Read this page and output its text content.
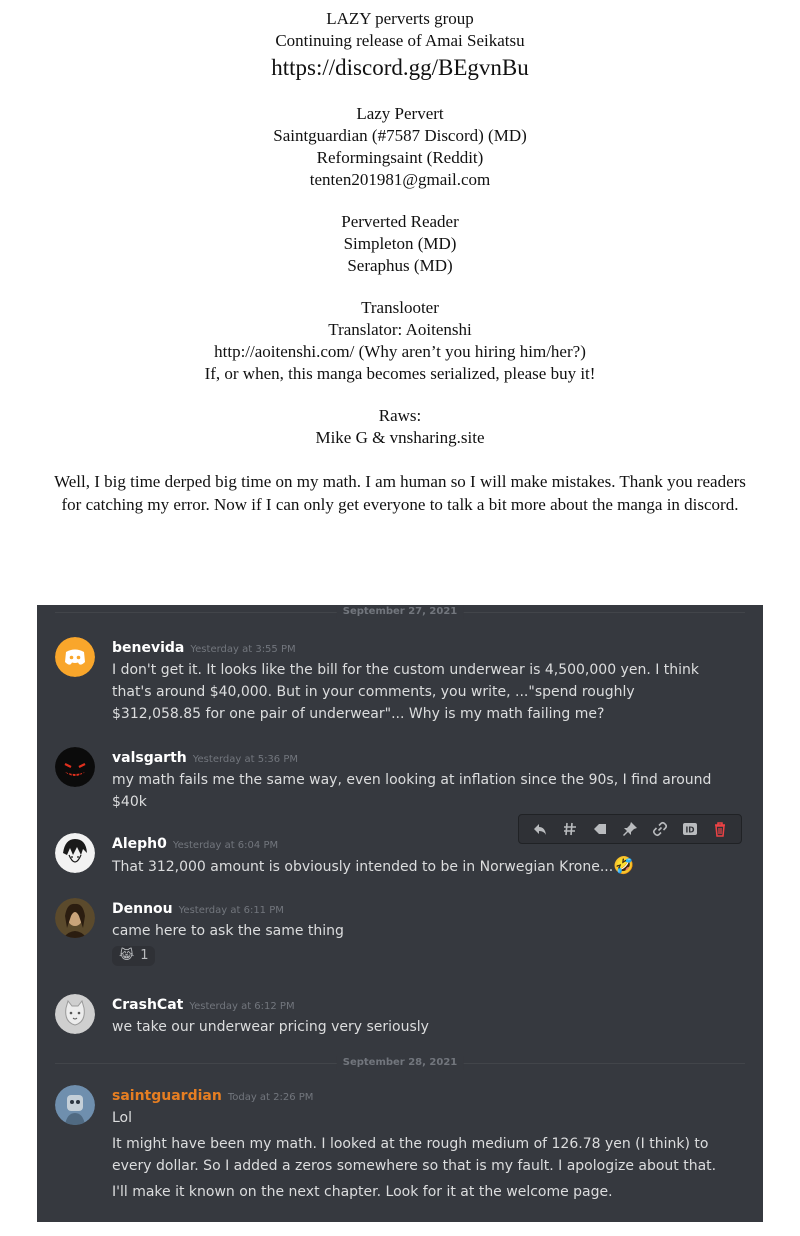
LAZY perverts group
Continuing release of Amai Seikatsu
https://discord.gg/BEgvnBu
Lazy Pervert
Saintguardian (#7587 Discord) (MD)
Reformingsaint (Reddit)
tenten201981@gmail.com
Perverted Reader
Simpleton (MD)
Seraphus (MD)
Translooter
Translator: Aoitenshi
http://aoitenshi.com/ (Why aren’t you hiring him/her?)
If, or when, this manga becomes serialized, please buy it!
Raws:
Mike G & vnsharing.site
Well, I big time derped big time on my math. I am human so I will make mistakes. Thank you readers
for catching my error. Now if I can only get everyone to talk a bit more about the manga in discord.
September 27, 2021
benevida Yesterday at 3:55 PM

I don't get it. It looks like the bill for the custom underwear is 4,500,000 yen. I think that's around $40,000. But in your comments, you write, ..."spend roughly $312,058.85 for one pair of underwear"... Why is my math failing me?

valsgarth Yesterday at 5:36 PM

my math fails me the same way, even looking at inflation since the 90s, I find around $40k

ID
Aleph0 Yesterday at 6:04 PM

That 312,000 amount is obviously intended to be in Norwegian Krone...🤣

Dennou Yesterday at 6:11 PM

came here to ask the same thing

😹 1
CrashCat Yesterday at 6:12 PM

we take our underwear pricing very seriously

September 28, 2021
saintguardian Today at 2:26 PM

Lol

It might have been my math. I looked at the rough medium of 126.78 yen (I think) to every dollar. So I added a zeros somewhere so that is my fault. I apologize about that.

I'll make it known on the next chapter. Look for it at the welcome page.
